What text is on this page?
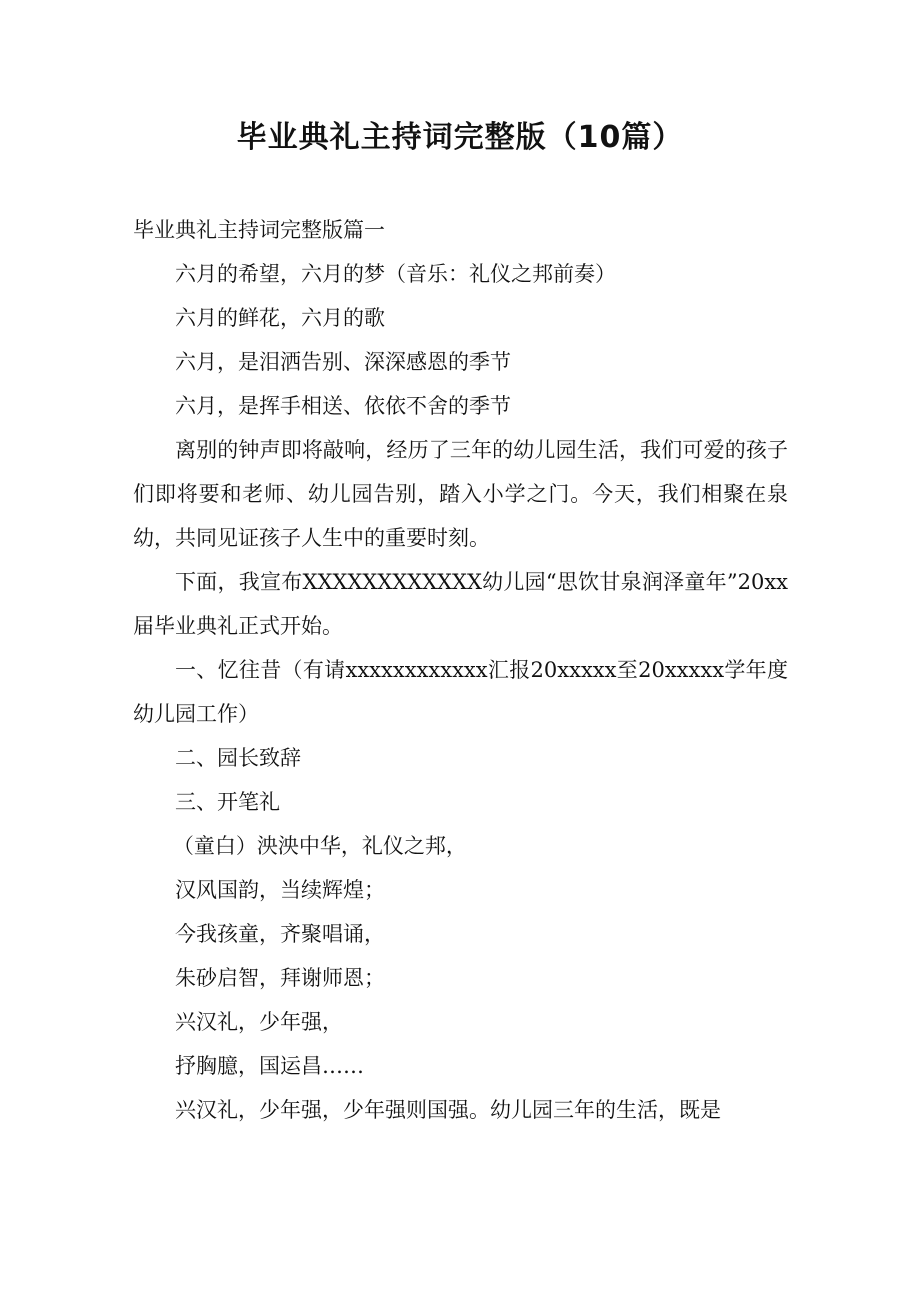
毕业典礼主持词完整版（10篇）

毕业典礼主持词完整版篇一

六月的希望，六月的梦（音乐：礼仪之邦前奏）

六月的鲜花，六月的歌

六月，是泪洒告别、深深感恩的季节

六月，是挥手相送、依依不舍的季节

离别的钟声即将敲响，经历了三年的幼儿园生活，我们可爱的孩子们即将要和老师、幼儿园告别，踏入小学之门。今天，我们相聚在泉幼，共同见证孩子人生中的重要时刻。

下面，我宣布XXXXXXXXXXXX幼儿园“思饮甘泉润泽童年”20xx届毕业典礼正式开始。

一、忆往昔（有请xxxxxxxxxxxx汇报20xxxxx至20xxxxx学年度幼儿园工作）

二、园长致辞

三、开笔礼

（童白）泱泱中华，礼仪之邦，

汉风国韵，当续辉煌；

今我孩童，齐聚唱诵，

朱砂启智，拜谢师恩；

兴汉礼，少年强，

抒胸臆，国运昌……

兴汉礼，少年强，少年强则国强。幼儿园三年的生活，既是
